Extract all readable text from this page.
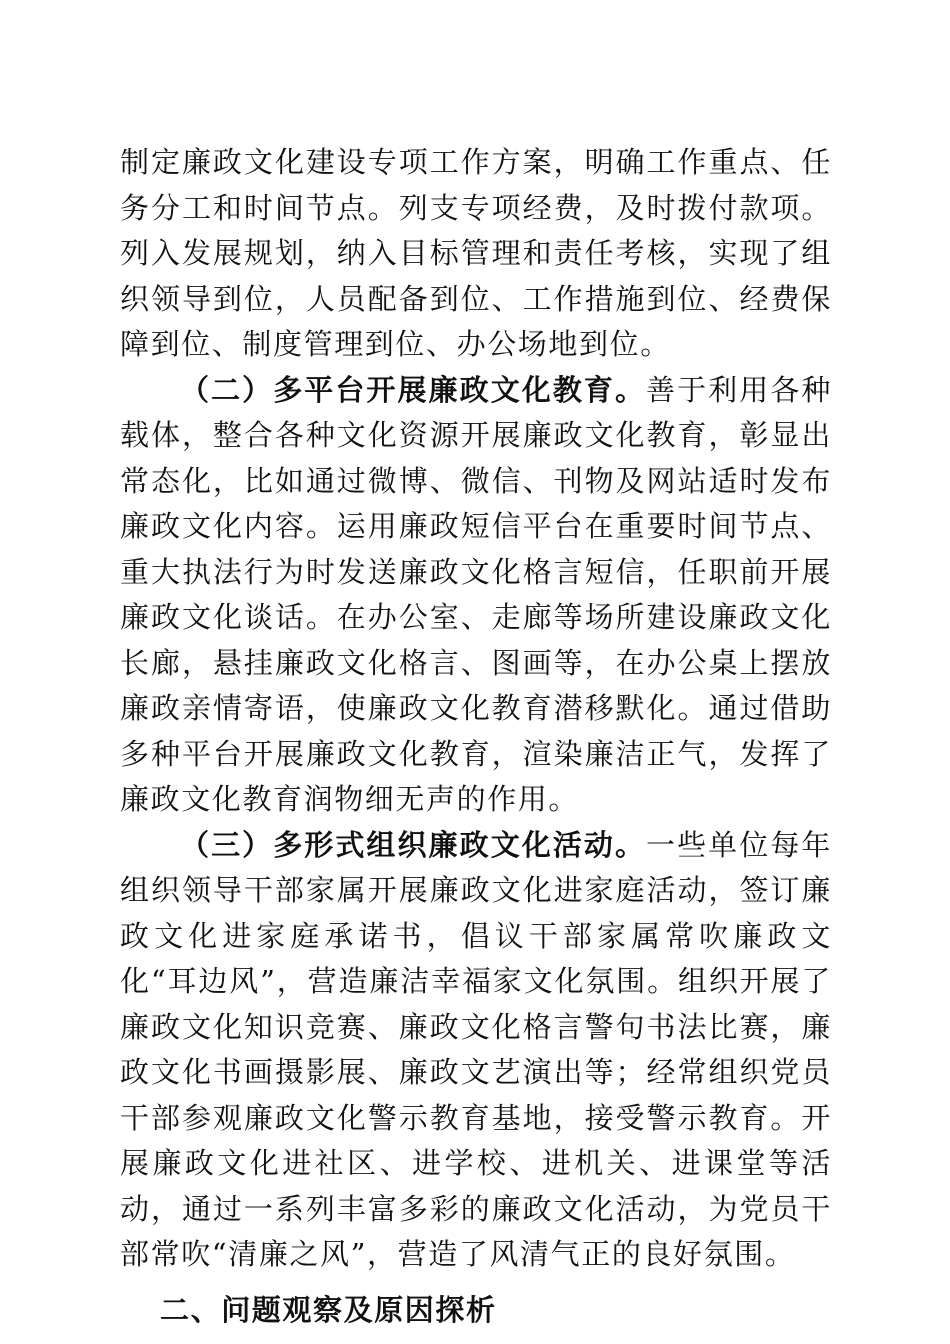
制定廉政文化建设专项工作方案，明确工作重点、任务分工和时间节点。列支专项经费，及时拨付款项。列入发展规划，纳入目标管理和责任考核，实现了组织领导到位，人员配备到位、工作措施到位、经费保障到位、制度管理到位、办公场地到位。

（二）多平台开展廉政文化教育。善于利用各种载体，整合各种文化资源开展廉政文化教育，彰显出常态化，比如通过微博、微信、刊物及网站适时发布廉政文化内容。运用廉政短信平台在重要时间节点、重大执法行为时发送廉政文化格言短信，任职前开展廉政文化谈话。在办公室、走廊等场所建设廉政文化长廊，悬挂廉政文化格言、图画等，在办公桌上摆放廉政亲情寄语，使廉政文化教育潜移默化。通过借助多种平台开展廉政文化教育，渲染廉洁正气，发挥了廉政文化教育润物细无声的作用。

（三）多形式组织廉政文化活动。一些单位每年组织领导干部家属开展廉政文化进家庭活动，签订廉政文化进家庭承诺书，倡议干部家属常吹廉政文化“耳边风”，营造廉洁幸福家文化氛围。组织开展了廉政文化知识竞赛、廉政文化格言警句书法比赛，廉政文化书画摄影展、廉政文艺演出等；经常组织党员干部参观廉政文化警示教育基地，接受警示教育。开展廉政文化进社区、进学校、进机关、进课堂等活动，通过一系列丰富多彩的廉政文化活动，为党员干部常吹“清廉之风”，营造了风清气正的良好氛围。

二、问题观察及原因探析
